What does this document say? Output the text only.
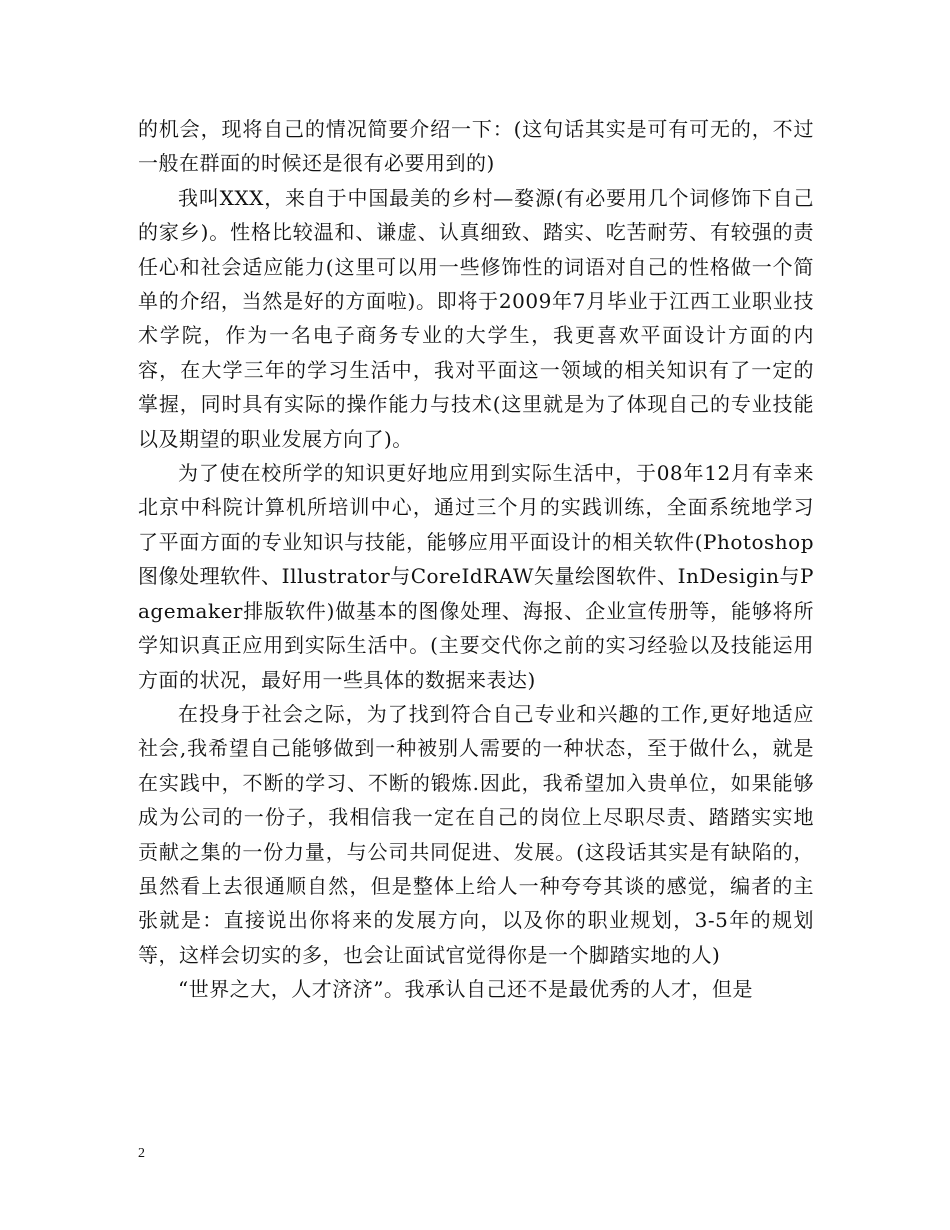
的机会，现将自己的情况简要介绍一下：(这句话其实是可有可无的，不过一般在群面的时候还是很有必要用到的)

我叫XXX，来自于中国最美的乡村—婺源(有必要用几个词修饰下自己的家乡)。性格比较温和、谦虚、认真细致、踏实、吃苦耐劳、有较强的责任心和社会适应能力(这里可以用一些修饰性的词语对自己的性格做一个简单的介绍，当然是好的方面啦)。即将于2009年7月毕业于江西工业职业技术学院，作为一名电子商务专业的大学生，我更喜欢平面设计方面的内容，在大学三年的学习生活中，我对平面这一领域的相关知识有了一定的掌握，同时具有实际的操作能力与技术(这里就是为了体现自己的专业技能以及期望的职业发展方向了)。

为了使在校所学的知识更好地应用到实际生活中，于08年12月有幸来北京中科院计算机所培训中心，通过三个月的实践训练，全面系统地学习了平面方面的专业知识与技能，能够应用平面设计的相关软件(Photoshop图像处理软件、Illustrator与CoreIdRAW矢量绘图软件、InDesigin与Pagemaker排版软件)做基本的图像处理、海报、企业宣传册等，能够将所学知识真正应用到实际生活中。(主要交代你之前的实习经验以及技能运用方面的状况，最好用一些具体的数据来表达)

在投身于社会之际，为了找到符合自己专业和兴趣的工作,更好地适应社会,我希望自己能够做到一种被别人需要的一种状态，至于做什么，就是在实践中，不断的学习、不断的锻炼.因此，我希望加入贵单位，如果能够成为公司的一份子，我相信我一定在自己的岗位上尽职尽责、踏踏实实地贡献之集的一份力量，与公司共同促进、发展。(这段话其实是有缺陷的，虽然看上去很通顺自然，但是整体上给人一种夸夸其谈的感觉，编者的主张就是：直接说出你将来的发展方向，以及你的职业规划，3-5年的规划等，这样会切实的多，也会让面试官觉得你是一个脚踏实地的人)

“世界之大，人才济济”。我承认自己还不是最优秀的人才，但是

2
